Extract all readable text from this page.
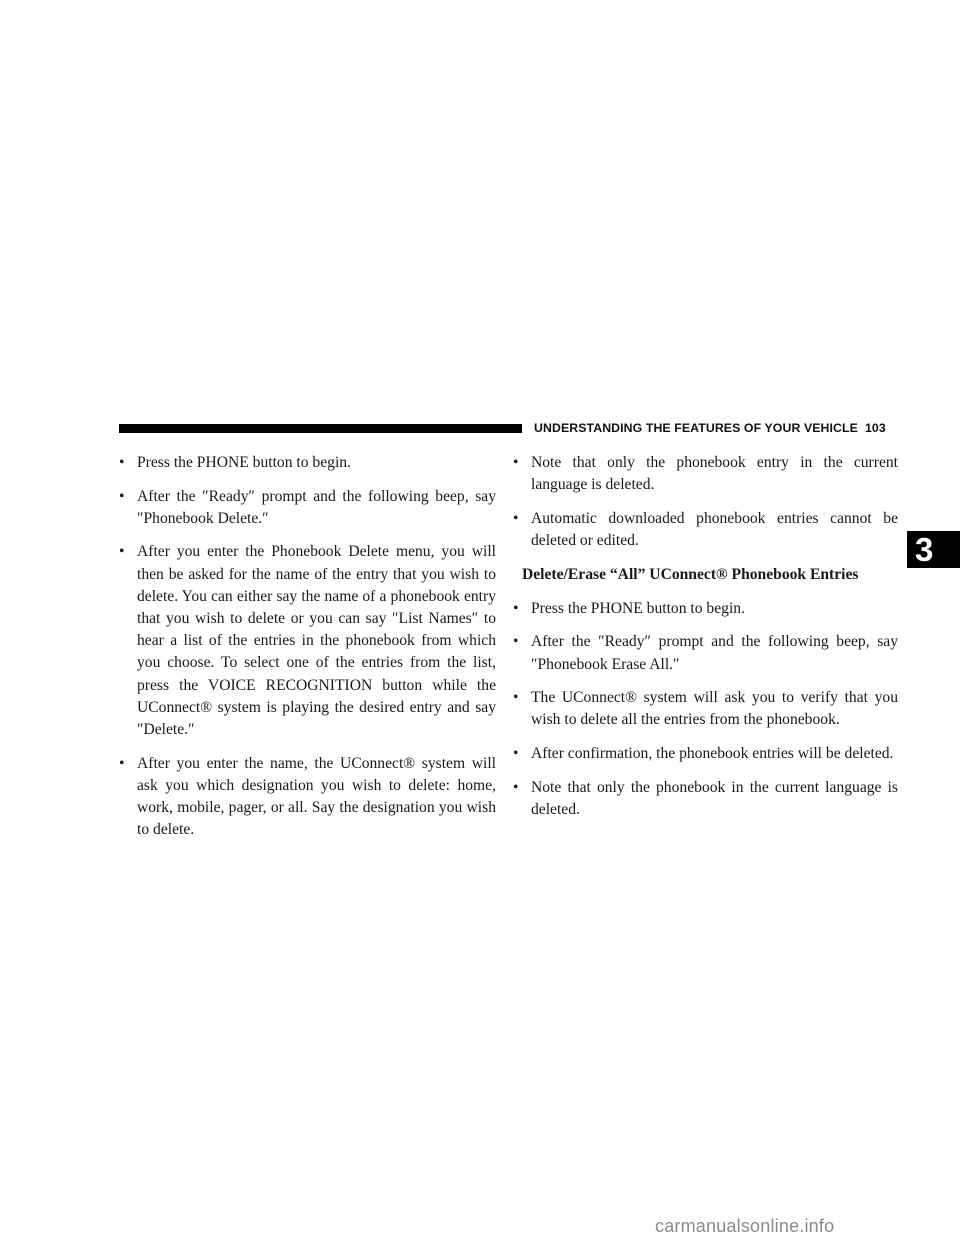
UNDERSTANDING THE FEATURES OF YOUR VEHICLE 103
3
• Press the PHONE button to begin.
• After the ″Ready″ prompt and the following beep, say ″Phonebook Delete.″
• After you enter the Phonebook Delete menu, you will then be asked for the name of the entry that you wish to delete. You can either say the name of a phonebook entry that you wish to delete or you can say ″List Names″ to hear a list of the entries in the phonebook from which you choose. To select one of the entries from the list, press the VOICE RECOGNITION button while the UConnect® system is playing the desired entry and say ″Delete.″
• After you enter the name, the UConnect® system will ask you which designation you wish to delete: home, work, mobile, pager, or all. Say the designation you wish to delete.
• Note that only the phonebook entry in the current language is deleted.
• Automatic downloaded phonebook entries cannot be deleted or edited.
Delete/Erase “All” UConnect® Phonebook Entries
• Press the PHONE button to begin.
• After the ″Ready″ prompt and the following beep, say ″Phonebook Erase All.″
• The UConnect® system will ask you to verify that you wish to delete all the entries from the phonebook.
• After confirmation, the phonebook entries will be deleted.
• Note that only the phonebook in the current language is deleted.
carmanualsonline.info
